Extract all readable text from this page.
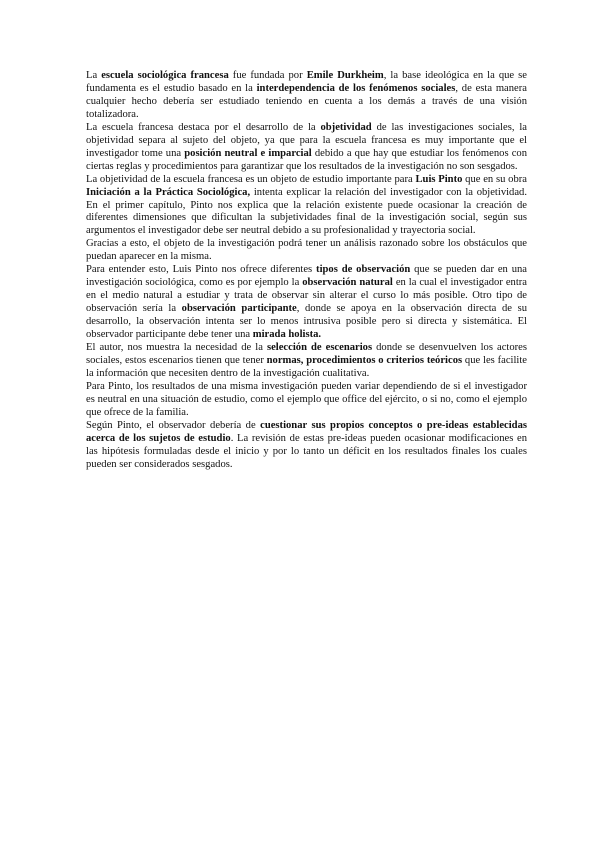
La escuela sociológica francesa fue fundada por Emile Durkheim, la base ideológica en la que se fundamenta es el estudio basado en la interdependencia de los fenómenos sociales, de esta manera cualquier hecho debería ser estudiado teniendo en cuenta a los demás a través de una visión totalizadora.

La escuela francesa destaca por el desarrollo de la objetividad de las investigaciones sociales, la objetividad separa al sujeto del objeto, ya que para la escuela francesa es muy importante que el investigador tome una posición neutral e imparcial debido a que hay que estudiar los fenómenos con ciertas reglas y procedimientos para garantizar que los resultados de la investigación no son sesgados.

La objetividad de la escuela francesa es un objeto de estudio importante para Luis Pinto que en su obra Iniciación a la Práctica Sociológica, intenta explicar la relación del investigador con la objetividad. En el primer capítulo, Pinto nos explica que la relación existente puede ocasionar la creación de diferentes dimensiones que dificultan la subjetividades final de la investigación social, según sus argumentos el investigador debe ser neutral debido a su profesionalidad y trayectoria social.

Gracias a esto, el objeto de la investigación podrá tener un análisis razonado sobre los obstáculos que puedan aparecer en la misma.

Para entender esto, Luis Pinto nos ofrece diferentes tipos de observación que se pueden dar en una investigación sociológica, como es por ejemplo la observación natural en la cual el investigador entra en el medio natural a estudiar y trata de observar sin alterar el curso lo más posible. Otro tipo de observación sería la observación participante, donde se apoya en la observación directa de su desarrollo, la observación intenta ser lo menos intrusiva posible pero si directa y sistemática. El observador participante debe tener una mirada holista.

El autor, nos muestra la necesidad de la selección de escenarios donde se desenvuelven los actores sociales, estos escenarios tienen que tener normas, procedimientos o criterios teóricos que les facilite la información que necesiten dentro de la investigación cualitativa.

Para Pinto, los resultados de una misma investigación pueden variar dependiendo de si el investigador es neutral en una situación de estudio, como el ejemplo que office del ejército, o si no, como el ejemplo que ofrece de la familia.

Según Pinto, el observador debería de cuestionar sus propios conceptos o pre-ideas establecidas acerca de los sujetos de estudio. La revisión de estas pre-ideas pueden ocasionar modificaciones en las hipótesis formuladas desde el inicio y por lo tanto un déficit en los resultados finales los cuales pueden ser considerados sesgados.
